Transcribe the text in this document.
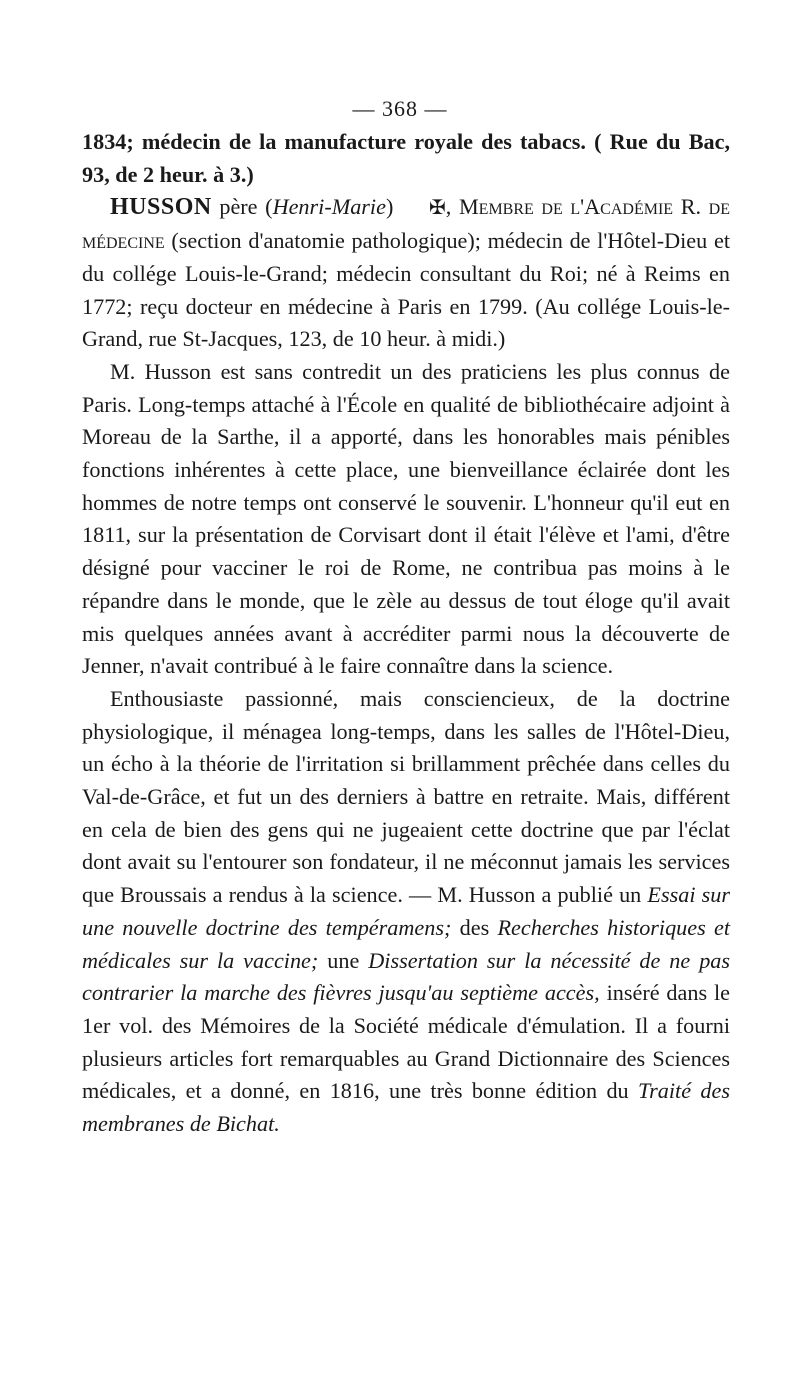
— 368 —

1834; médecin de la manufacture royale des tabacs. ( Rue du Bac, 93, de 2 heur. à 3.)

HUSSON père (Henri-Marie) ✠, Membre de l'Académie R. de médecine (section d'anatomie pathologique); médecin de l'Hôtel-Dieu et du collége Louis-le-Grand; médecin consultant du Roi; né à Reims en 1772; reçu docteur en médecine à Paris en 1799. (Au collége Louis-le-Grand, rue St-Jacques, 123, de 10 heur. à midi.)

M. Husson est sans contredit un des praticiens les plus connus de Paris. Long-temps attaché à l'École en qualité de bibliothécaire adjoint à Moreau de la Sarthe, il a apporté, dans les honorables mais pénibles fonctions inhérentes à cette place, une bienveillance éclairée dont les hommes de notre temps ont conservé le souvenir. L'honneur qu'il eut en 1811, sur la présentation de Corvisart dont il était l'élève et l'ami, d'être désigné pour vacciner le roi de Rome, ne contribua pas moins à le répandre dans le monde, que le zèle au dessus de tout éloge qu'il avait mis quelques années avant à accréditer parmi nous la découverte de Jenner, n'avait contribué à le faire connaître dans la science.

Enthousiaste passionné, mais consciencieux, de la doctrine physiologique, il ménagea long-temps, dans les salles de l'Hôtel-Dieu, un écho à la théorie de l'irritation si brillamment prêchée dans celles du Val-de-Grâce, et fut un des derniers à battre en retraite. Mais, différent en cela de bien des gens qui ne jugeaient cette doctrine que par l'éclat dont avait su l'entourer son fondateur, il ne méconnut jamais les services que Broussais a rendus à la science. — M. Husson a publié un Essai sur une nouvelle doctrine des tempéramens; des Recherches historiques et médicales sur la vaccine; une Dissertation sur la nécessité de ne pas contrarier la marche des fièvres jusqu'au septième accès, inséré dans le 1er vol. des Mémoires de la Société médicale d'émulation. Il a fourni plusieurs articles fort remarquables au Grand Dictionnaire des Sciences médicales, et a donné, en 1816, une très bonne édition du Traité des membranes de Bichat.
